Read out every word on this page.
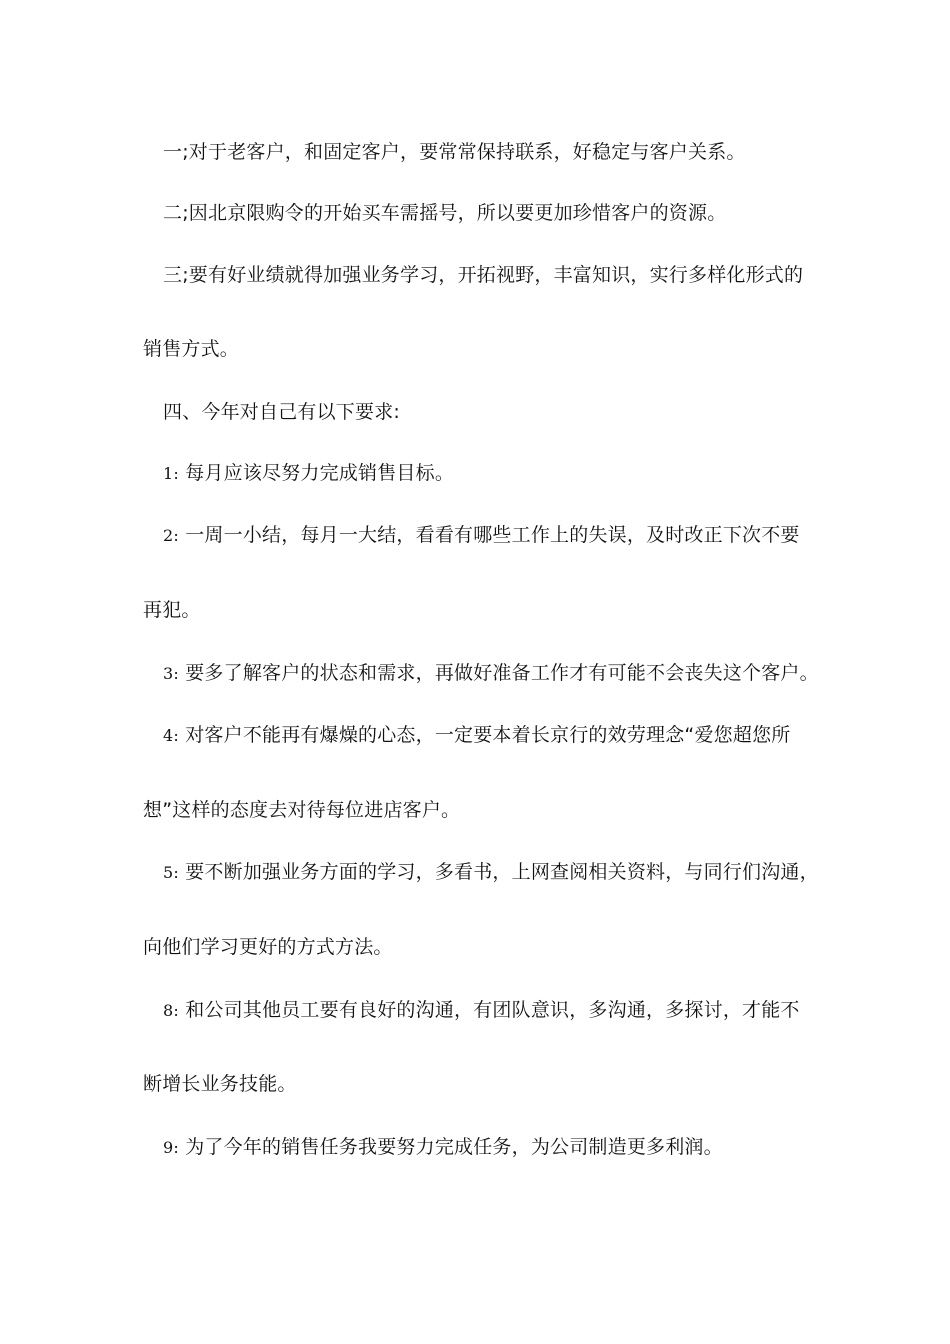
一;对于老客户，和固定客户，要常常保持联系，好稳定与客户关系。
二;因北京限购令的开始买车需摇号，所以要更加珍惜客户的资源。
三;要有好业绩就得加强业务学习，开拓视野，丰富知识，实行多样化形式的
销售方式。
四、今年对自己有以下要求:
1: 每月应该尽努力完成销售目标。
2: 一周一小结，每月一大结，看看有哪些工作上的失误，及时改正下次不要
再犯。
3: 要多了解客户的状态和需求，再做好准备工作才有可能不会丧失这个客户。
4: 对客户不能再有爆燥的心态，一定要本着长京行的效劳理念“爱您超您所
想”这样的态度去对待每位进店客户。
5: 要不断加强业务方面的学习，多看书，上网查阅相关资料，与同行们沟通，
向他们学习更好的方式方法。
8: 和公司其他员工要有良好的沟通，有团队意识，多沟通，多探讨，才能不
断增长业务技能。
9: 为了今年的销售任务我要努力完成任务，为公司制造更多利润。
